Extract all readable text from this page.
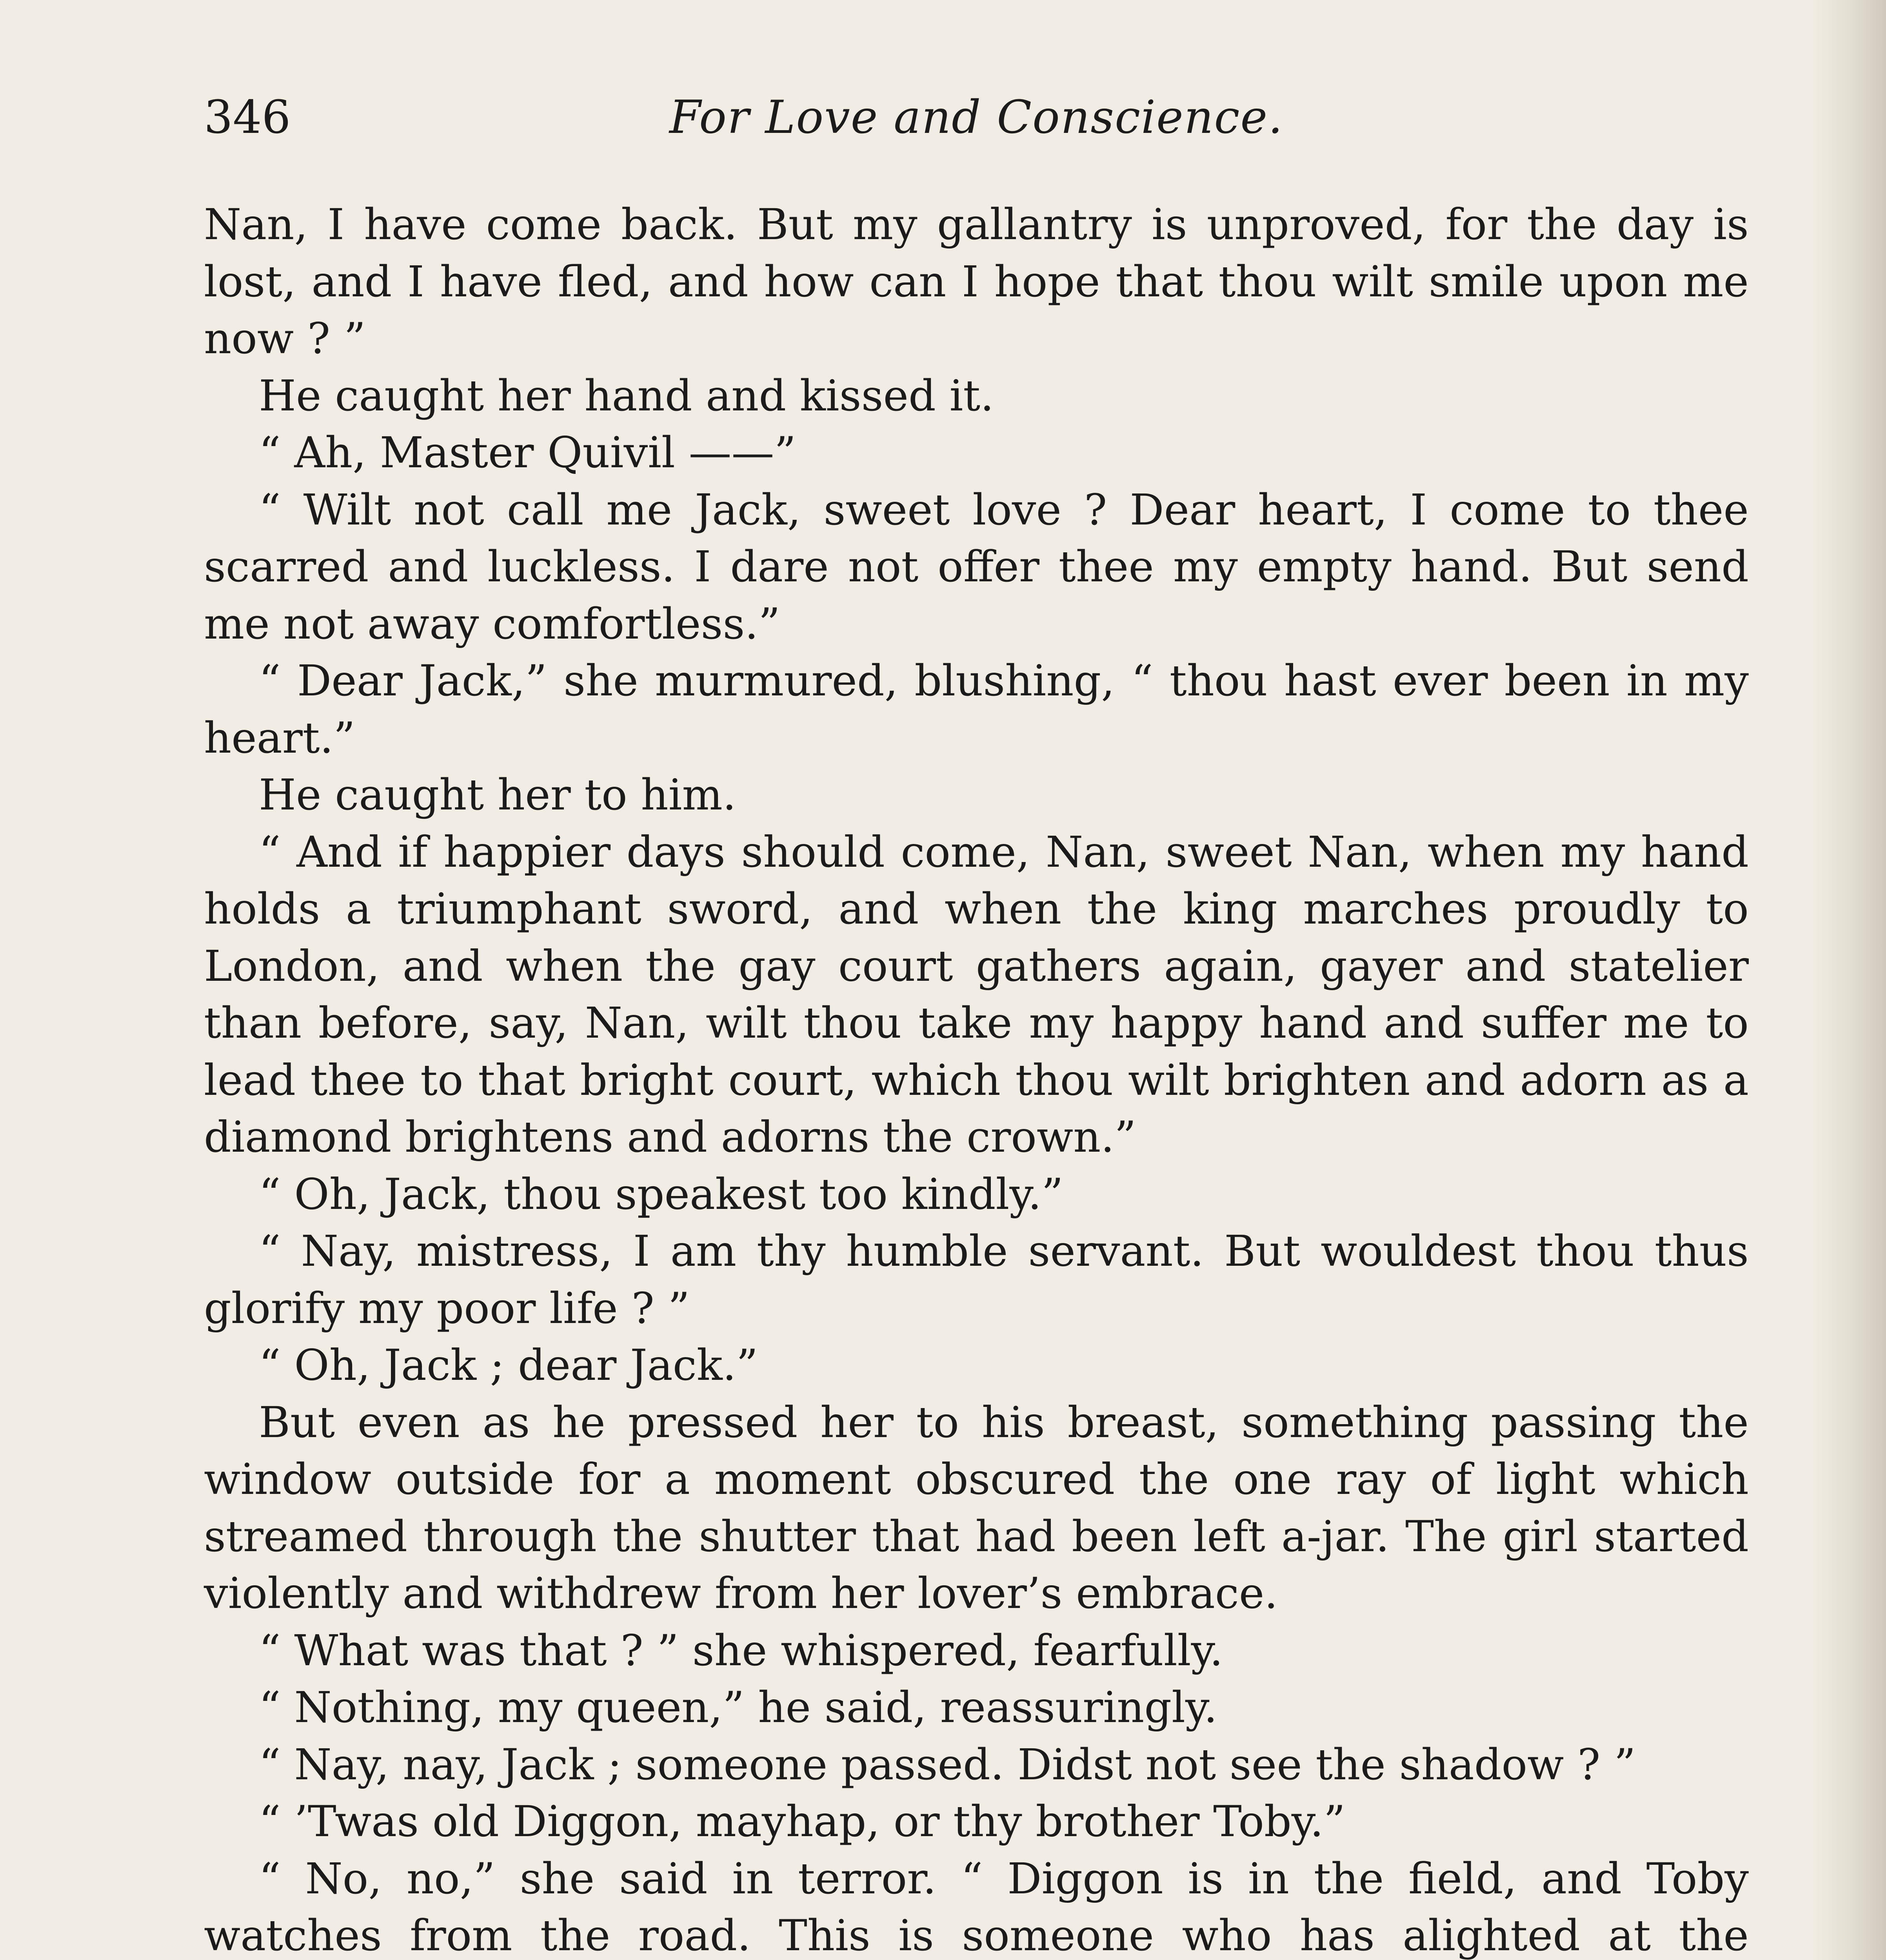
346	For Love and Conscience.

Nan, I have come back. But my gallantry is unproved, for the day is lost, and I have fled, and how can I hope that thou wilt smile upon me now ? ”

He caught her hand and kissed it.

“ Ah, Master Quivil ——”

“ Wilt not call me Jack, sweet love ? Dear heart, I come to thee scarred and luckless. I dare not offer thee my empty hand. But send me not away comfortless.”

“ Dear Jack,” she murmured, blushing, “ thou hast ever been in my heart.”

He caught her to him.

“ And if happier days should come, Nan, sweet Nan, when my hand holds a triumphant sword, and when the king marches proudly to London, and when the gay court gathers again, gayer and statelier than before, say, Nan, wilt thou take my happy hand and suffer me to lead thee to that bright court, which thou wilt brighten and adorn as a diamond brightens and adorns the crown.”

“ Oh, Jack, thou speakest too kindly.”

“ Nay, mistress, I am thy humble servant. But wouldest thou thus glorify my poor life ? ”

“ Oh, Jack ; dear Jack.”

But even as he pressed her to his breast, something passing the window outside for a moment obscured the one ray of light which streamed through the shutter that had been left a-jar. The girl started violently and withdrew from her lover’s embrace.

“ What was that ? ” she whispered, fearfully.

“ Nothing, my queen,” he said, reassuringly.

“ Nay, nay, Jack ; someone passed. Didst not see the shadow ? ”

“ ’Twas old Diggon, mayhap, or thy brother Toby.”

“ No, no,” she said in terror. “ Diggon is in the field, and Toby watches from the road. This is someone who has alighted at the
